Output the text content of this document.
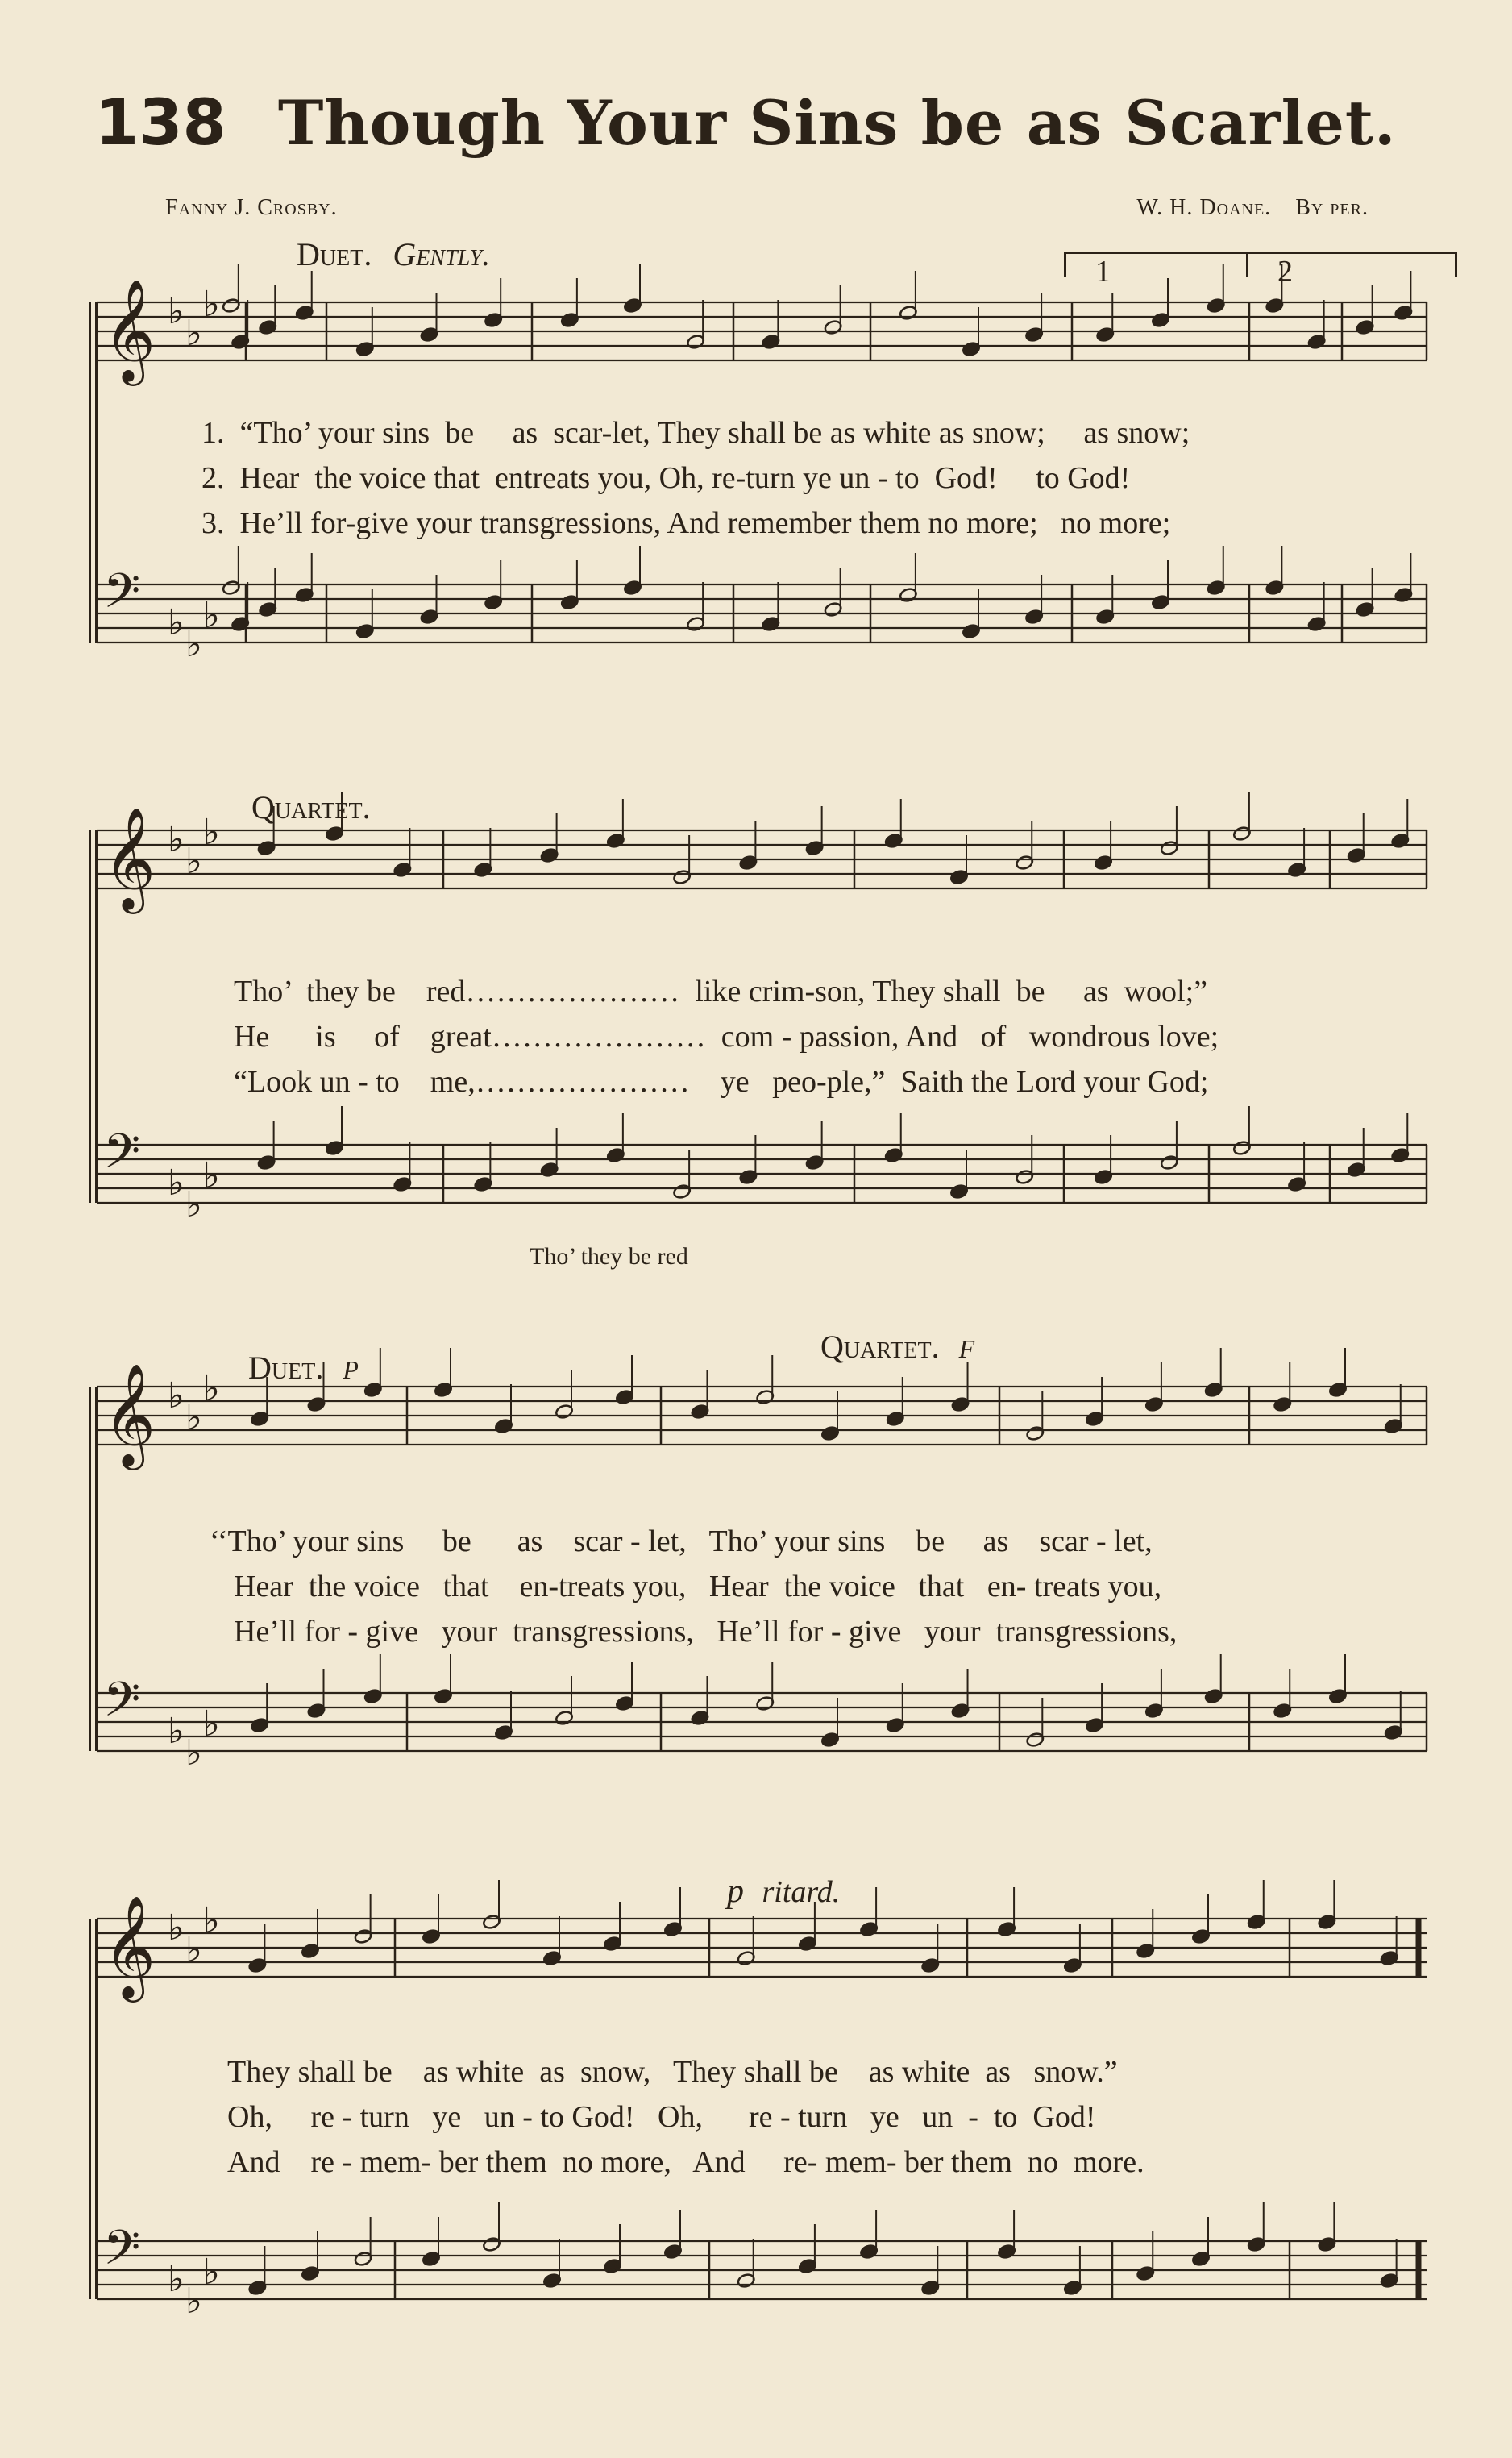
138 Though Your Sins be as Scarlet.
Fanny J. Crosby.	W. H. Doane. By per.
Duet. Gently.	1	2
𝄞 ♭
♭
♭
𝄢 ♭
♭
♭
1.  “Tho’ your sins  be     as  scar-let, They shall be as white as snow;     as snow;
2.  Hear  the voice that  entreats you, Oh, re-turn ye un - to  God!     to God!
3.  He’ll for-give your transgressions, And remember them no more;   no more;
Quartet.
𝄞 ♭
♭
♭
𝄢 ♭
♭
♭
Tho’  they be    red…………………  like crim-son, They shall  be     as  wool;”
He      is     of    great…………………  com - passion, And   of   wondrous love;
“Look un - to    me,…………………    ye   peo-ple,”  Saith the Lord your God;
Tho’ they be red
Duet. p	Quartet. f
𝄞 ♭
♭
♭
𝄢 ♭
♭
♭
‘‘Tho’ your sins     be      as    scar - let,   Tho’ your sins    be     as    scar - let,
Hear  the voice   that    en-treats you,   Hear  the voice   that   en- treats you,
He’ll for - give   your  transgressions,   He’ll for - give   your  transgressions,
p ritard.
𝄞 ♭
♭
♭
𝄢 ♭
♭
♭
They shall be    as white  as  snow,   They shall be    as white  as   snow.”
Oh,     re - turn   ye   un - to God!   Oh,      re - turn   ye   un  -  to  God!
And    re - mem- ber them  no more,   And     re- mem- ber them  no  more.
